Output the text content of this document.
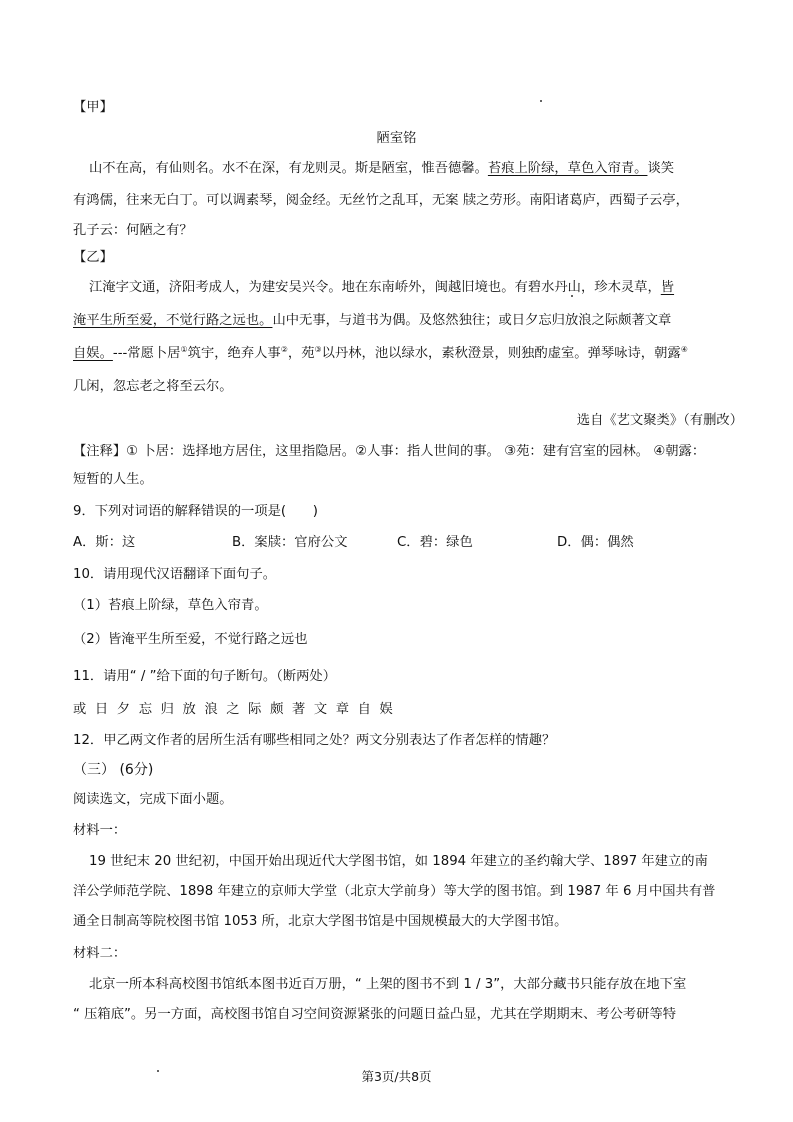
【甲】
陋室铭
山不在高，有仙则名。水不在深，有龙则灵。斯是陋室，惟吾德馨。苔痕上阶绿，草色入帘青。谈笑
有鸿儒，往来无白丁。可以调素琴，阅金经。无丝竹之乱耳，无案 牍之劳形。南阳诸葛庐，西蜀子云亭，
孔子云：何陋之有？
【乙】
江淹字文通，济阳考成人，为建安吴兴令。地在东南峤外，闽越旧境也。有碧水丹山，珍木灵草，皆
淹平生所至爱，不觉行路之远也。山中无事，与道书为偶。及悠然独往；或日夕忘归放浪之际颇著文章
自娱。---常愿卜居①筑宇，绝弃人事②，苑③以丹林，池以绿水，素秋澄景，则独酌虚室。弹琴咏诗，朝露④
几闲，忽忘老之将至云尔。
选自《艺文聚类》（有删改）
【注释】① 卜居：选择地方居住，这里指隐居。②人事：指人世间的事。 ③苑：建有宫室的园林。 ④朝露：
短暂的人生。
9．下列对词语的解释错误的一项是(　　)
A．斯：这	B．案牍：官府公文	C．碧：绿色	D．偶：偶然
10．请用现代汉语翻译下面句子。
（1）苔痕上阶绿，草色入帘青。
（2）皆淹平生所至爱，不觉行路之远也
11．请用“ / ”给下面的句子断句。（断两处）
或日夕忘归放浪之际颇著文章自娱
12．甲乙两文作者的居所生活有哪些相同之处？两文分别表达了作者怎样的情趣？
（三） (6分)
阅读选文，完成下面小题。
材料一：
19 世纪末 20 世纪初，中国开始出现近代大学图书馆，如 1894 年建立的圣约翰大学、1897 年建立的南
洋公学师范学院、1898 年建立的京师大学堂（北京大学前身）等大学的图书馆。到 1987 年 6 月中国共有普
通全日制高等院校图书馆 1053 所，北京大学图书馆是中国规模最大的大学图书馆。
材料二：
北京一所本科高校图书馆纸本图书近百万册，“ 上架的图书不到 1 / 3”，大部分藏书只能存放在地下室
“ 压箱底”。另一方面，高校图书馆自习空间资源紧张的问题日益凸显，尤其在学期期末、考公考研等特
第3页/共8页
